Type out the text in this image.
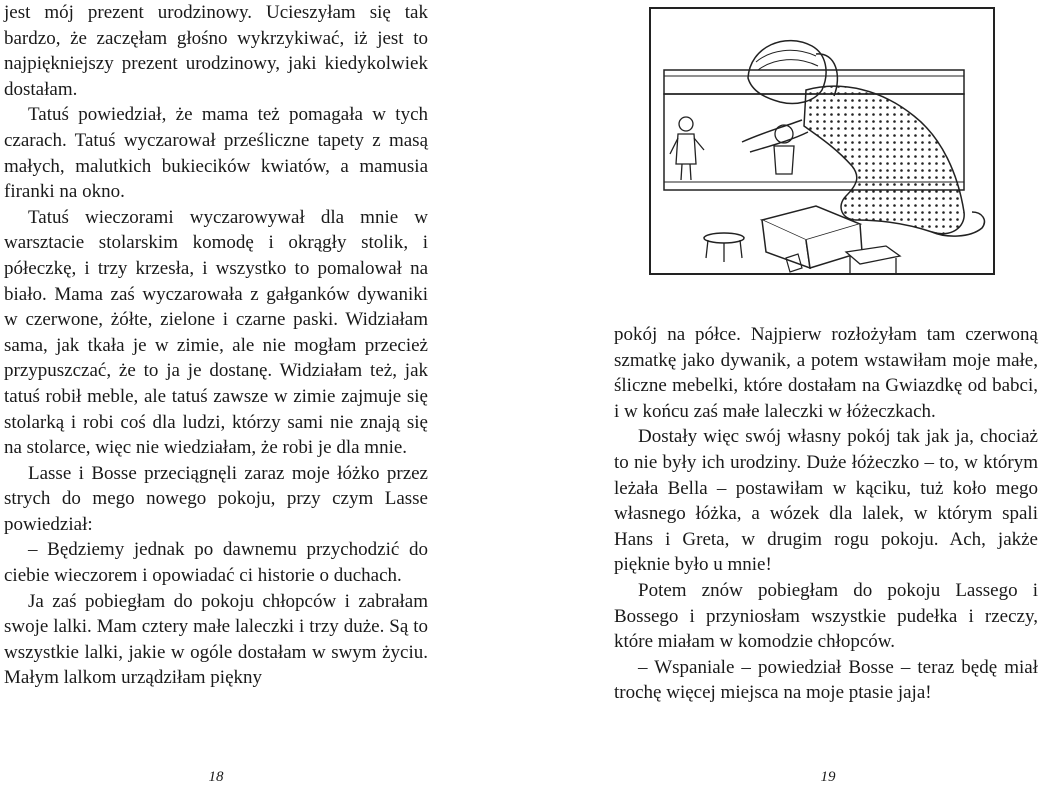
jest mój prezent urodzinowy. Ucieszyłam się tak bardzo, że zaczęłam głośno wykrzykiwać, iż jest to najpiękniejszy prezent urodzinowy, jaki kiedykolwiek dostałam.

Tatuś powiedział, że mama też pomagała w tych czarach. Tatuś wyczarował prześliczne tapety z masą małych, malutkich bukiecików kwiatów, a mamusia firanki na okno.

Tatuś wieczorami wyczarowywał dla mnie w warsztacie stolarskim komodę i okrągły stolik, i półeczkę, i trzy krzesła, i wszystko to pomalował na biało. Mama zaś wyczarowała z gałganków dywaniki w czerwone, żółte, zielone i czarne paski. Widziałam sama, jak tkała je w zimie, ale nie mogłam przecież przypuszczać, że to ja je dostanę. Widziałam też, jak tatuś robił meble, ale tatuś zawsze w zimie zajmuje się stolarką i robi coś dla ludzi, którzy sami nie znają się na stolarce, więc nie wiedziałam, że robi je dla mnie.

Lasse i Bosse przeciągnęli zaraz moje łóżko przez strych do mego nowego pokoju, przy czym Lasse powiedział:

– Będziemy jednak po dawnemu przychodzić do ciebie wieczorem i opowiadać ci historie o duchach.

Ja zaś pobiegłam do pokoju chłopców i zabrałam swoje lalki. Mam cztery małe laleczki i trzy duże. Są to wszystkie lalki, jakie w ogóle dostałam w swym życiu. Małym lalkom urządziłam piękny

18

pokój na półce. Najpierw rozłożyłam tam czerwoną szmatkę jako dywanik, a potem wstawiłam moje małe, śliczne mebelki, które dostałam na Gwiazdkę od babci, i w końcu zaś małe laleczki w łóżeczkach.

Dostały więc swój własny pokój tak jak ja, chociaż to nie były ich urodziny. Duże łóżeczko – to, w którym leżała Bella – postawiłam w kąciku, tuż koło mego własnego łóżka, a wózek dla lalek, w którym spali Hans i Greta, w drugim rogu pokoju. Ach, jakże pięknie było u mnie!

Potem znów pobiegłam do pokoju Lassego i Bossego i przyniosłam wszystkie pudełka i rzeczy, które miałam w komodzie chłopców.

– Wspaniale – powiedział Bosse – teraz będę miał trochę więcej miejsca na moje ptasie jaja!

19
